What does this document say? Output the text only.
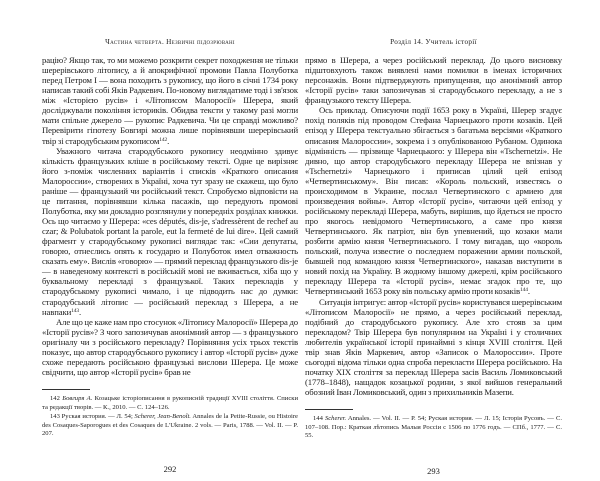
Частина четверта. Незвичні підозрювані

рацію? Якщо так, то ми можемо розкрити секрет походження не тільки шерерівського літопису, а й апокрифічної промови Павла Полуботка перед Петром I — вона походить з рукопису, що його в січні 1734 року написав такий собі Яків Радкевич. По-новому виглядатиме тоді і зв'язок між «Історією русів» і «Літописом Малоросії» Шерера, який досліджували покоління істориків. Обидва тексти у такому разі могли мати спільне джерело — рукопис Радкевича. Чи це справді можливо? Перевірити гіпотезу Бовгирі можна лише порівнявши шерерівський твір зі стародубським рукописом$^{142}$.

Уважного читача стародубського рукопису неодмінно здивує кількість французьких кліше в російському тексті. Одне це вирізняє його з-поміж численних варіантів і списків «Краткого описания Малороссии», створених в Україні, хоча тут зразу не скажеш, що було раніше — французький чи російський текст. Спробуємо відповісти на це питання, порівнявши кілька пасажів, що передують промові Полуботка, яку ми докладно розглянули у попередніх розділах книжки. Ось що читаємо у Шерера: «ces députés, dis-je, s'adressèrent de rechef au czar; & Polubatok portant la parole, eut la fermeté de lui dire». Цей самий фрагмент у стародубському рукописі виглядає так: «Сии депутаты, говорю, отнеслись опять к государю и Полуботок имел отважность сказать ему». Вислів «говорю» — прямий переклад французького dis-je — в наведеному контексті в російській мові не вживається, хіба що у буквальному перекладі з французької. Таких перекладів у стародубському рукописі чимало, і це підводить нас до думки: стародубський літопис — російський переклад з Шерера, а не навпаки$^{143}$.

Але що це каже нам про стосунок «Літопису Малоросії» Шерера до «Історії русів»? З чого запозичував анонімний автор — з французького оригіналу чи з російського перекладу? Порівняння усіх трьох текстів показує, що автор стародубського рукопису і автор «Історії русів» дуже схоже передають російською французькі вислови Шерера. Це може свідчити, що автор «Історії русів» брав не

142 Бовгиря А. Козацьке історіописання в рукописній традиції XVIII століття. Списки та редакції творів. — К., 2010. — С. 124–126.

143 Руская история. — Л. 54; Scherer, Jean-Benoît. Annales de la Petite-Russie, ou Histoire des Cosaques-Saporogues et des Cosaques de L'Ukraine. 2 vols. — Paris, 1788. — Vol. II. — P. 207.

292
Розділ 14. Учитель історії

прямо в Шерера, а через російський переклад. До цього висновку підштовхують також виявлені нами помилки в іменах історичних персонажів. Вони підтверджують припущення, що анонімний автор «Історії русів» таки запозичував зі стародубського перекладу, а не з французького тексту Шерера.

Ось приклад. Описуючи події 1653 року в Україні, Шерер згадує похід поляків під проводом Стефана Чарнецького проти козаків. Цей епізод у Шерера текстуально збігається з багатьма версіями «Краткого описания Малороссии», зокрема і з опублікованою Рубаном. Одинока відмінність — прізвище Чарнецького: у Шерера він «Tschernetzi». Не дивно, що автор стародубського перекладу Шерера не впізнав у «Tschernetzi» Чарнецького і приписав цілий цей епізод «Четвертинському». Він писав: «Король польский, известясь о происходимом в Украине, послал Четвертинского с армиею для произведения войны». Автор «Історії русів», читаючи цей епізод у російському перекладі Шерера, мабуть, вирішив, що йдеться не просто про якогось невідомого Четвертинського, а саме про князя Четвертинського. Як патріот, він був упевнений, що козаки мали розбити армію князя Четвертинського. І тому вигадав, що «король польский, получа известие о последнем поражении армии польской, бывшей под командою князя Четвертинского», наказав виступити в новий похід на Україну. В жодному іншому джерелі, крім російського перекладу Шерера та «Історії русів», немає згадок про те, що Четвертинський 1653 року вів польську армію проти козаків$^{144}$.

Ситуація інтригує: автор «Історії русів» користувався шерерівським «Літописом Малоросії» не прямо, а через російський переклад, подібний до стародубського рукопису. Але хто стояв за цим перекладом? Твір Шерера був популярним на Україні і у столичних любителів української історії принаймні з кінця XVIII століття. Цей твір знав Яків Маркевич, автор «Записок о Малороссии». Проте сьогодні відома тільки одна спроба перекласти Шерера російською. На початку XIX століття за переклад Шерера засів Василь Ломиковський (1778–1848), нащадок козацької родини, з якої вийшов генеральний обозний Іван Ломиковський, один з прихильників Мазепи.

144 Scherer. Annales. — Vol. II. — P. 54; Руская история. — Л. 15; Історія Русовъ. — С. 107–108. Пор.: Краткая лѣтопись Малыя Россіи с 1506 по 1776 годъ. — СПб., 1777. — С. 55.

293
